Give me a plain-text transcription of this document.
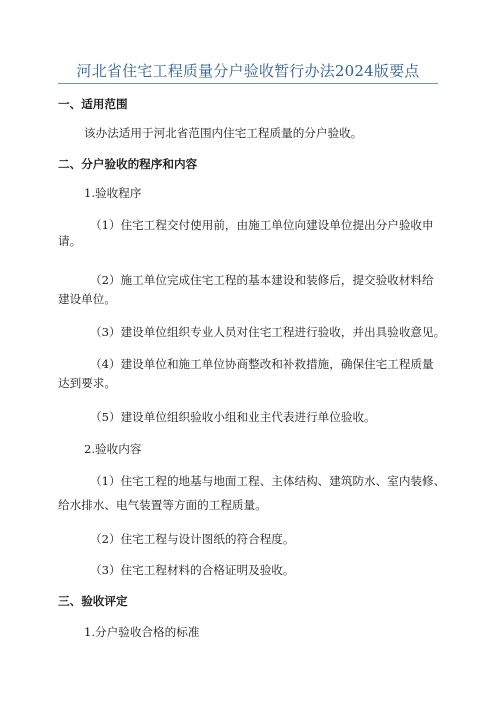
河北省住宅工程质量分户验收暂行办法2024版要点
一、适用范围
该办法适用于河北省范围内住宅工程质量的分户验收。
二、分户验收的程序和内容
1.验收程序
（1）住宅工程交付使用前，由施工单位向建设单位提出分户验收申
请。
（2）施工单位完成住宅工程的基本建设和装修后，提交验收材料给
建设单位。
（3）建设单位组织专业人员对住宅工程进行验收，并出具验收意见。
（4）建设单位和施工单位协商整改和补救措施，确保住宅工程质量
达到要求。
（5）建设单位组织验收小组和业主代表进行单位验收。
2.验收内容
（1）住宅工程的地基与地面工程、主体结构、建筑防水、室内装修、
给水排水、电气装置等方面的工程质量。
（2）住宅工程与设计图纸的符合程度。
（3）住宅工程材料的合格证明及验收。
三、验收评定
1.分户验收合格的标准
